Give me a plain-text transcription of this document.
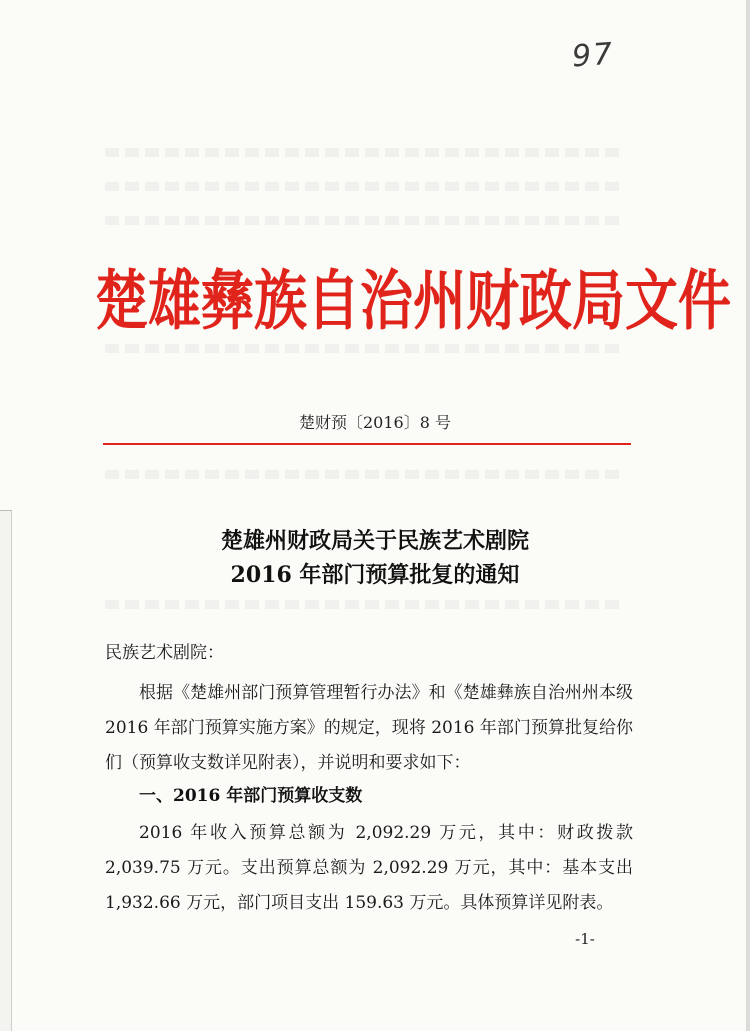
97
楚雄彝族自治州财政局文件
楚财预〔2016〕8 号
楚雄州财政局关于民族艺术剧院
2016 年部门预算批复的通知
民族艺术剧院：
根据《楚雄州部门预算管理暂行办法》和《楚雄彝族自治州州本级 2016 年部门预算实施方案》的规定，现将 2016 年部门预算批复给你们（预算收支数详见附表），并说明和要求如下：
一、2016 年部门预算收支数
2016 年收入预算总额为 2,092.29 万元，其中：财政拨款 2,039.75 万元。支出预算总额为 2,092.29 万元，其中：基本支出 1,932.66 万元，部门项目支出 159.63 万元。具体预算详见附表。
-1-
